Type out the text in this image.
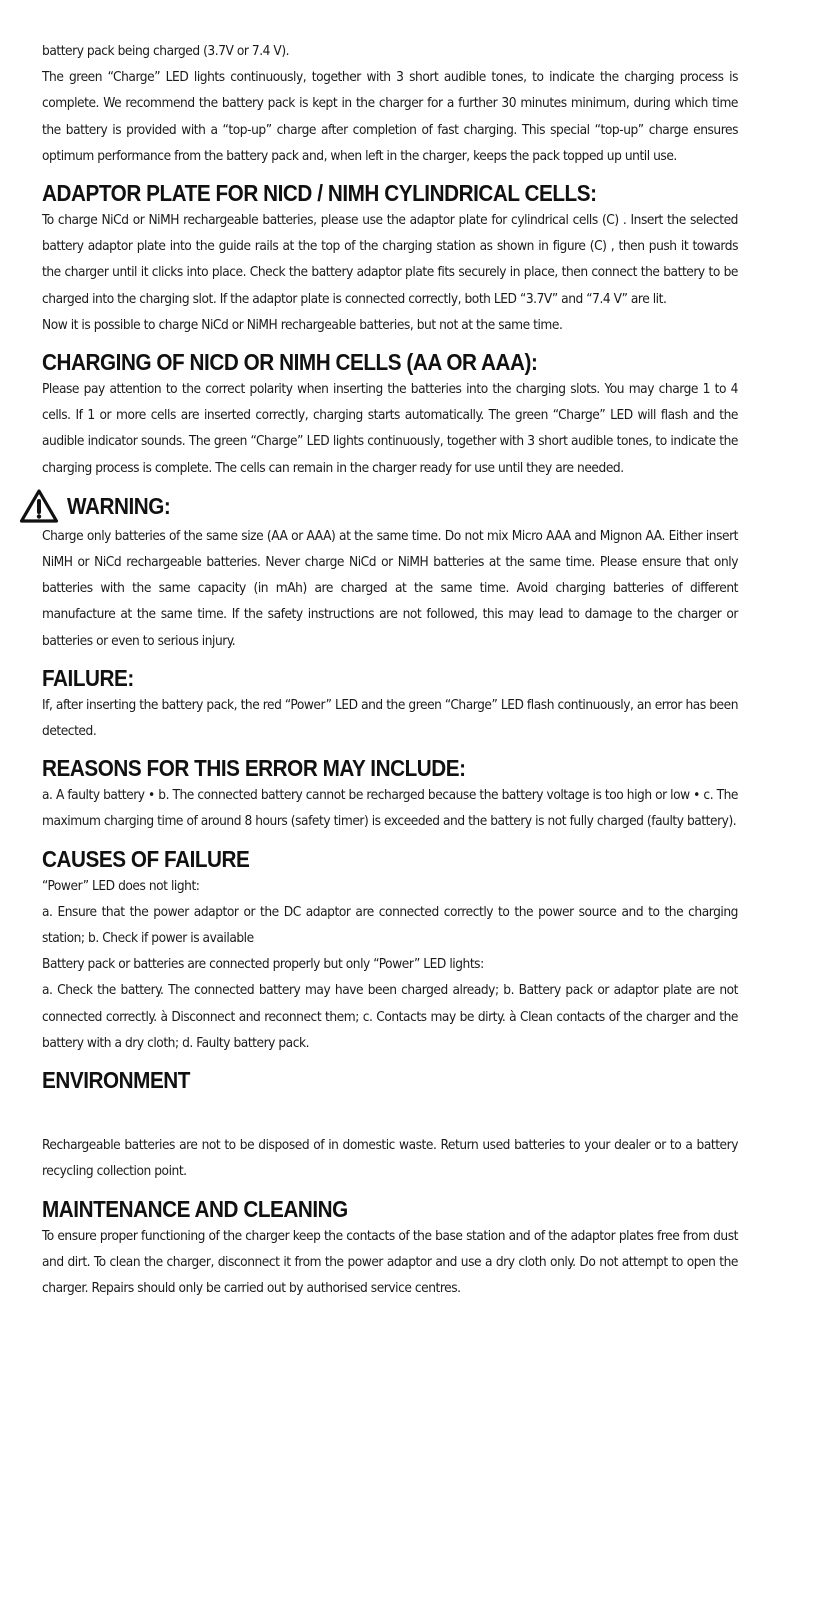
battery pack being charged (3.7V or 7.4 V).

The green “Charge” LED lights continuously, together with 3 short audible tones, to indicate the charging process is complete. We recommend the battery pack is kept in the charger for a further 30 minutes minimum, during which time the battery is provided with a “top-up” charge after completion of fast charging. This special “top-up” charge ensures optimum performance from the battery pack and, when left in the charger, keeps the pack topped up until use.

ADAPTOR PLATE FOR NICD / NIMH CYLINDRICAL CELLS:

To charge NiCd or NiMH rechargeable batteries, please use the adaptor plate for cylindrical cells (C) . Insert the selected battery adaptor plate into the guide rails at the top of the charging station as shown in figure (C) , then push it towards the charger until it clicks into place. Check the battery adaptor plate fits securely in place, then connect the battery to be charged into the charging slot. If the adaptor plate is connected correctly, both LED “3.7V” and “7.4 V” are lit.

Now it is possible to charge NiCd or NiMH rechargeable batteries, but not at the same time.

CHARGING OF NICD OR NIMH CELLS (AA OR AAA):

Please pay attention to the correct polarity when inserting the batteries into the charging slots. You may charge 1 to 4 cells. If 1 or more cells are inserted correctly, charging starts automatically. The green “Charge” LED will flash and the audible indicator sounds. The green “Charge” LED lights continuously, together with 3 short audible tones, to indicate the charging process is complete. The cells can remain in the charger ready for use until they are needed.

WARNING:

Charge only batteries of the same size (AA or AAA) at the same time. Do not mix Micro AAA and Mignon AA. Either insert NiMH or NiCd rechargeable batteries. Never charge NiCd or NiMH batteries at the same time. Please ensure that only batteries with the same capacity (in mAh) are charged at the same time. Avoid charging batteries of different manufacture at the same time. If the safety instructions are not followed, this may lead to damage to the charger or batteries or even to serious injury.

FAILURE:

If, after inserting the battery pack, the red “Power” LED and the green “Charge” LED flash continuously, an error has been detected.

REASONS FOR THIS ERROR MAY INCLUDE:

a. A faulty battery • b. The connected battery cannot be recharged because the battery voltage is too high or low • c. The maximum charging time of around 8 hours (safety timer) is exceeded and the battery is not fully charged (faulty battery).

CAUSES OF FAILURE

“Power” LED does not light:

a. Ensure that the power adaptor or the DC adaptor are connected correctly to the power source and to the charging station; b. Check if power is available

Battery pack or batteries are connected properly but only “Power” LED lights:

a. Check the battery. The connected battery may have been charged already; b. Battery pack or adaptor plate are not connected correctly. à Disconnect and reconnect them; c. Contacts may be dirty. à Clean contacts of the charger and the battery with a dry cloth; d. Faulty battery pack.

ENVIRONMENT

Rechargeable batteries are not to be disposed of in domestic waste. Return used batteries to your dealer or to a battery recycling collection point.

MAINTENANCE AND CLEANING

To ensure proper functioning of the charger keep the contacts of the base station and of the adaptor plates free from dust and dirt. To clean the charger, disconnect it from the power adaptor and use a dry cloth only. Do not attempt to open the charger. Repairs should only be carried out by authorised service centres.
